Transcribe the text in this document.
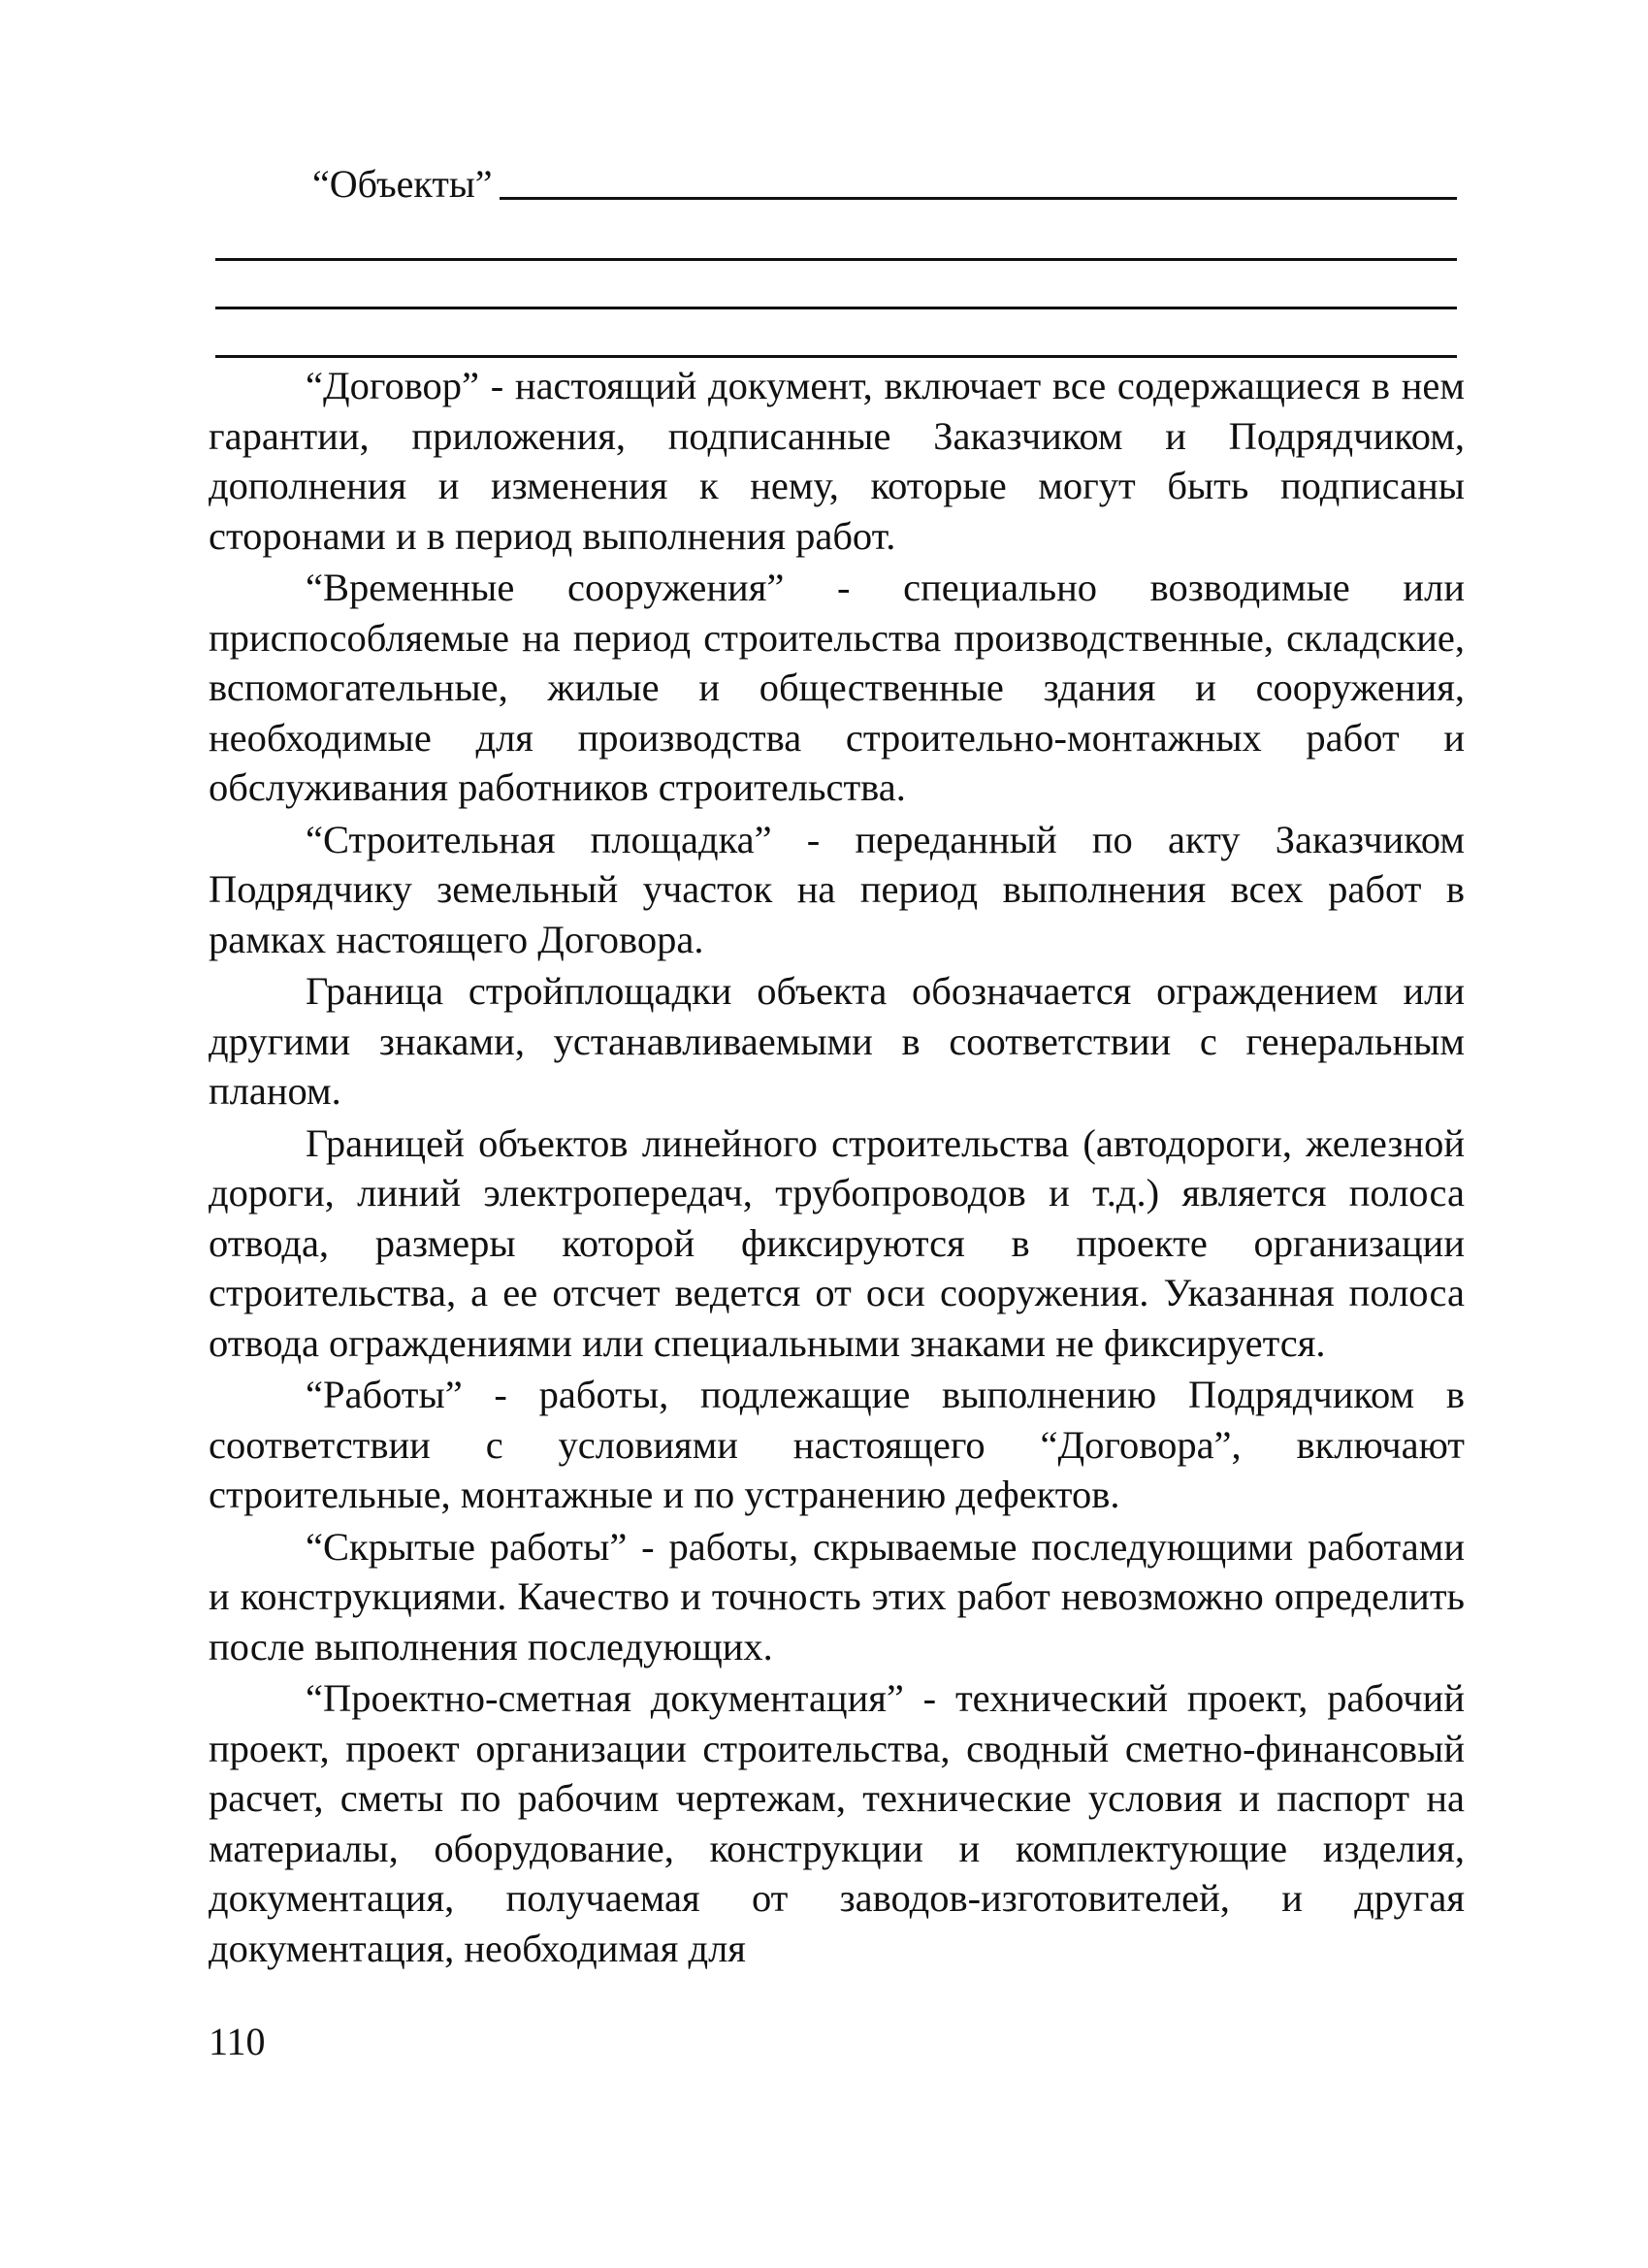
“Объекты”

“Договор” - настоящий документ, включает все содержащиеся в нем гарантии, приложения, подписанные Заказчиком и Подрядчиком, дополнения и изменения к нему, которые могут быть подписаны сторонами и в период выполнения работ.

“Временные сооружения” - специально возводимые или приспособляемые на период строительства производственные, складские, вспомогательные, жилые и общественные здания и сооружения, необходимые для производства строительно-монтажных работ и обслуживания работников строительства.

“Строительная площадка” - переданный по акту Заказчиком Подрядчику земельный участок на период выполнения всех работ в рамках настоящего Договора.

Граница стройплощадки объекта обозначается ограждением или другими знаками, устанавливаемыми в соответствии с генеральным планом.

Границей объектов линейного строительства (автодороги, железной дороги, линий электропередач, трубопроводов и т.д.) является полоса отвода, размеры которой фиксируются в проекте организации строительства, а ее отсчет ведется от оси сооружения. Указанная полоса отвода ограждениями или специальными знаками не фиксируется.

“Работы” - работы, подлежащие выполнению Подрядчиком в соответствии с условиями настоящего “Договора”, включают строительные, монтажные и по устранению дефектов.

“Скрытые работы” - работы, скрываемые последующими работами и конструкциями. Качество и точность этих работ невозможно определить после выполнения последующих.

“Проектно-сметная документация” - технический проект, рабочий проект, проект организации строительства, сводный сметно-финансовый расчет, сметы по рабочим чертежам, технические условия и паспорт на материалы, оборудование, конструкции и комплектующие изделия, документация, получаемая от заводов-изготовителей, и другая документация, необходимая для

110
